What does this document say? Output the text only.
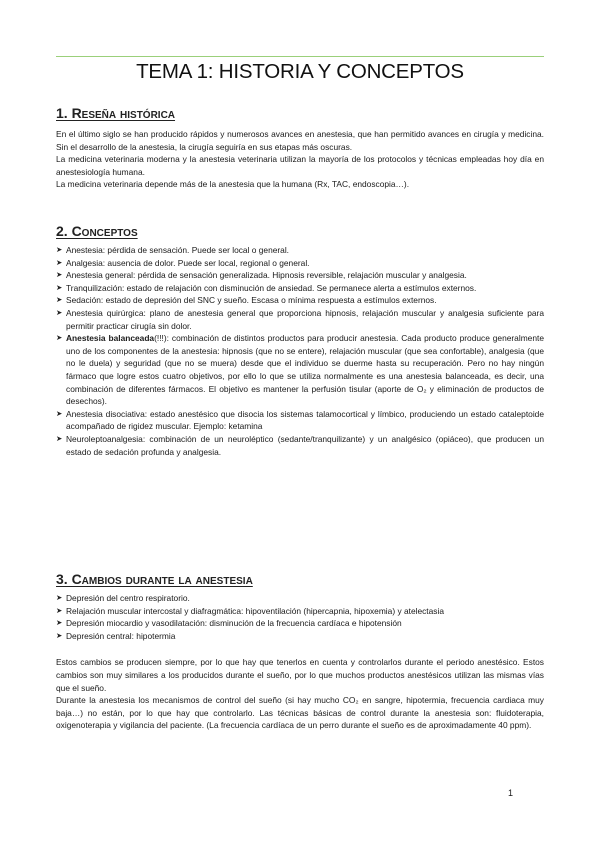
TEMA 1: HISTORIA Y CONCEPTOS
1. Reseña histórica

En el último siglo se han producido rápidos y numerosos avances en anestesia, que han permitido avances en cirugía y medicina. Sin el desarrollo de la anestesia, la cirugía seguiría en sus etapas más oscuras.

La medicina veterinaria moderna y la anestesia veterinaria utilizan la mayoría de los protocolos y técnicas empleadas hoy día en anestesiología humana.

La medicina veterinaria depende más de la anestesia que la humana (Rx, TAC, endoscopia…).

2. Conceptos
➤ Anestesia: pérdida de sensación. Puede ser local o general.
➤ Analgesia: ausencia de dolor. Puede ser local, regional o general.
➤ Anestesia general: pérdida de sensación generalizada. Hipnosis reversible, relajación muscular y analgesia.
➤ Tranquilización: estado de relajación con disminución de ansiedad. Se permanece alerta a estímulos externos.
➤ Sedación: estado de depresión del SNC y sueño. Escasa o mínima respuesta a estímulos externos.
➤ Anestesia quirúrgica: plano de anestesia general que proporciona hipnosis, relajación muscular y analgesia suficiente para permitir practicar cirugía sin dolor.
➤ Anestesia balanceada(!!!): combinación de distintos productos para producir anestesia. Cada producto produce generalmente uno de los componentes de la anestesia: hipnosis (que no se entere), relajación muscular (que sea confortable), analgesia (que no le duela) y seguridad (que no se muera) desde que el individuo se duerme hasta su recuperación. Pero no hay ningún fármaco que logre estos cuatro objetivos, por ello lo que se utiliza normalmente es una anestesia balanceada, es decir, una combinación de diferentes fármacos. El objetivo es mantener la perfusión tisular (aporte de O₂ y eliminación de productos de desechos).
➤ Anestesia disociativa: estado anestésico que disocia los sistemas talamocortical y límbico, produciendo un estado cataleptoide acompañado de rigidez muscular. Ejemplo: ketamina
➤ Neuroleptoanalgesia: combinación de un neuroléptico (sedante/tranquilizante) y un analgésico (opiáceo), que producen un estado de sedación profunda y analgesia.
3. Cambios durante la anestesia
➤ Depresión del centro respiratorio.
➤ Relajación muscular intercostal y diafragmática: hipoventilación (hipercapnia, hipoxemia) y atelectasia
➤ Depresión miocardio y vasodilatación: disminución de la frecuencia cardíaca e hipotensión
➤ Depresión central: hipotermia

Estos cambios se producen siempre, por lo que hay que tenerlos en cuenta y controlarlos durante el periodo anestésico. Estos cambios son muy similares a los producidos durante el sueño, por lo que muchos productos anestésicos utilizan las mismas vías que el sueño.

Durante la anestesia los mecanismos de control del sueño (si hay mucho CO₂ en sangre, hipotermia, frecuencia cardiaca muy baja…) no están, por lo que hay que controlarlo. Las técnicas básicas de control durante la anestesia son: fluidoterapia, oxigenoterapia y vigilancia del paciente. (La frecuencia cardíaca de un perro durante el sueño es de aproximadamente 40 ppm).

1
